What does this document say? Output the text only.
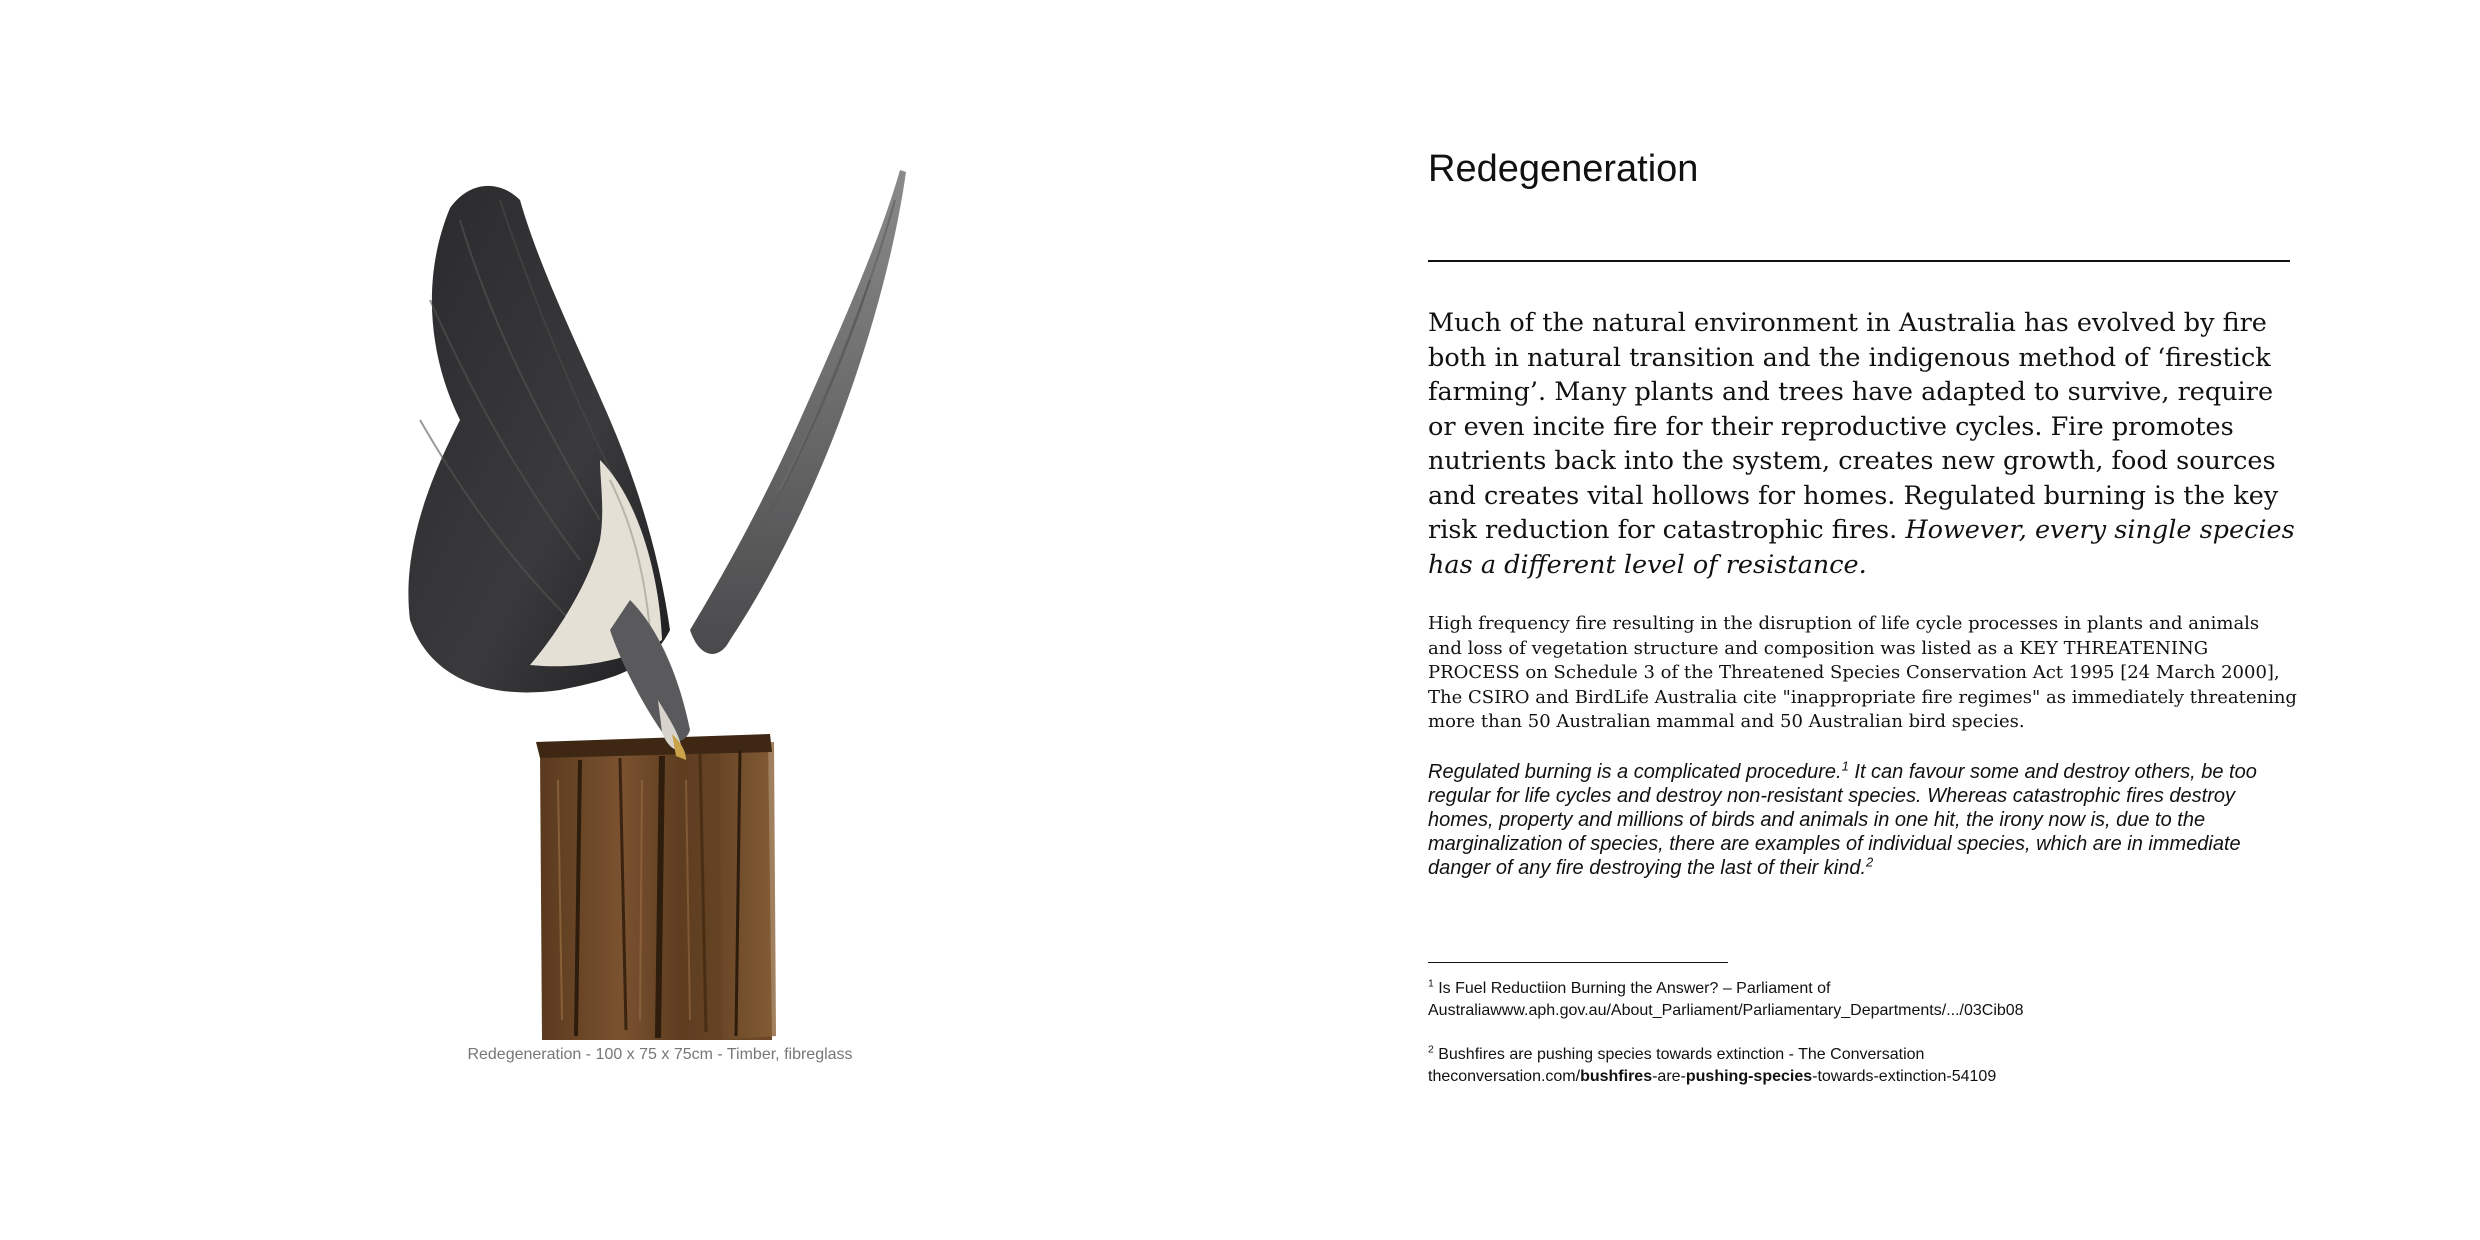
Redegeneration - 100 x 75 x 75cm - Timber, fibreglass
Redegeneration

Much of the natural environment in Australia has evolved by fire both in natural transition and the indigenous method of ‘firestick farming’. Many plants and trees have adapted to survive, require or even incite fire for their reproductive cycles. Fire promotes nutrients back into the system, creates new growth, food sources and creates vital hollows for homes. Regulated burning is the key risk reduction for catastrophic fires. However, every single species has a different level of resistance.

High frequency fire resulting in the disruption of life cycle processes in plants and animals and loss of vegetation structure and composition was listed as a KEY THREATENING PROCESS on Schedule 3 of the Threatened Species Conservation Act 1995 [24 March 2000],
The CSIRO and BirdLife Australia cite "inappropriate fire regimes" as immediately threatening more than 50 Australian mammal and 50 Australian bird species.

Regulated burning is a complicated procedure.$^1$ It can favour some and destroy others, be too regular for life cycles and destroy non-resistant species. Whereas catastrophic fires destroy homes, property and millions of birds and animals in one hit, the irony now is, due to the marginalization of species, there are examples of individual species, which are in immediate danger of any fire destroying the last of their kind.$^2$

$^1$ Is Fuel Reductiion Burning the Answer? – Parliament of
Australiawww.aph.gov.au/About_Parliament/Parliamentary_Departments/.../03Cib08

$^2$ Bushfires are pushing species towards extinction - The Conversation
theconversation.com/bushfires-are-pushing-species-towards-extinction-54109
